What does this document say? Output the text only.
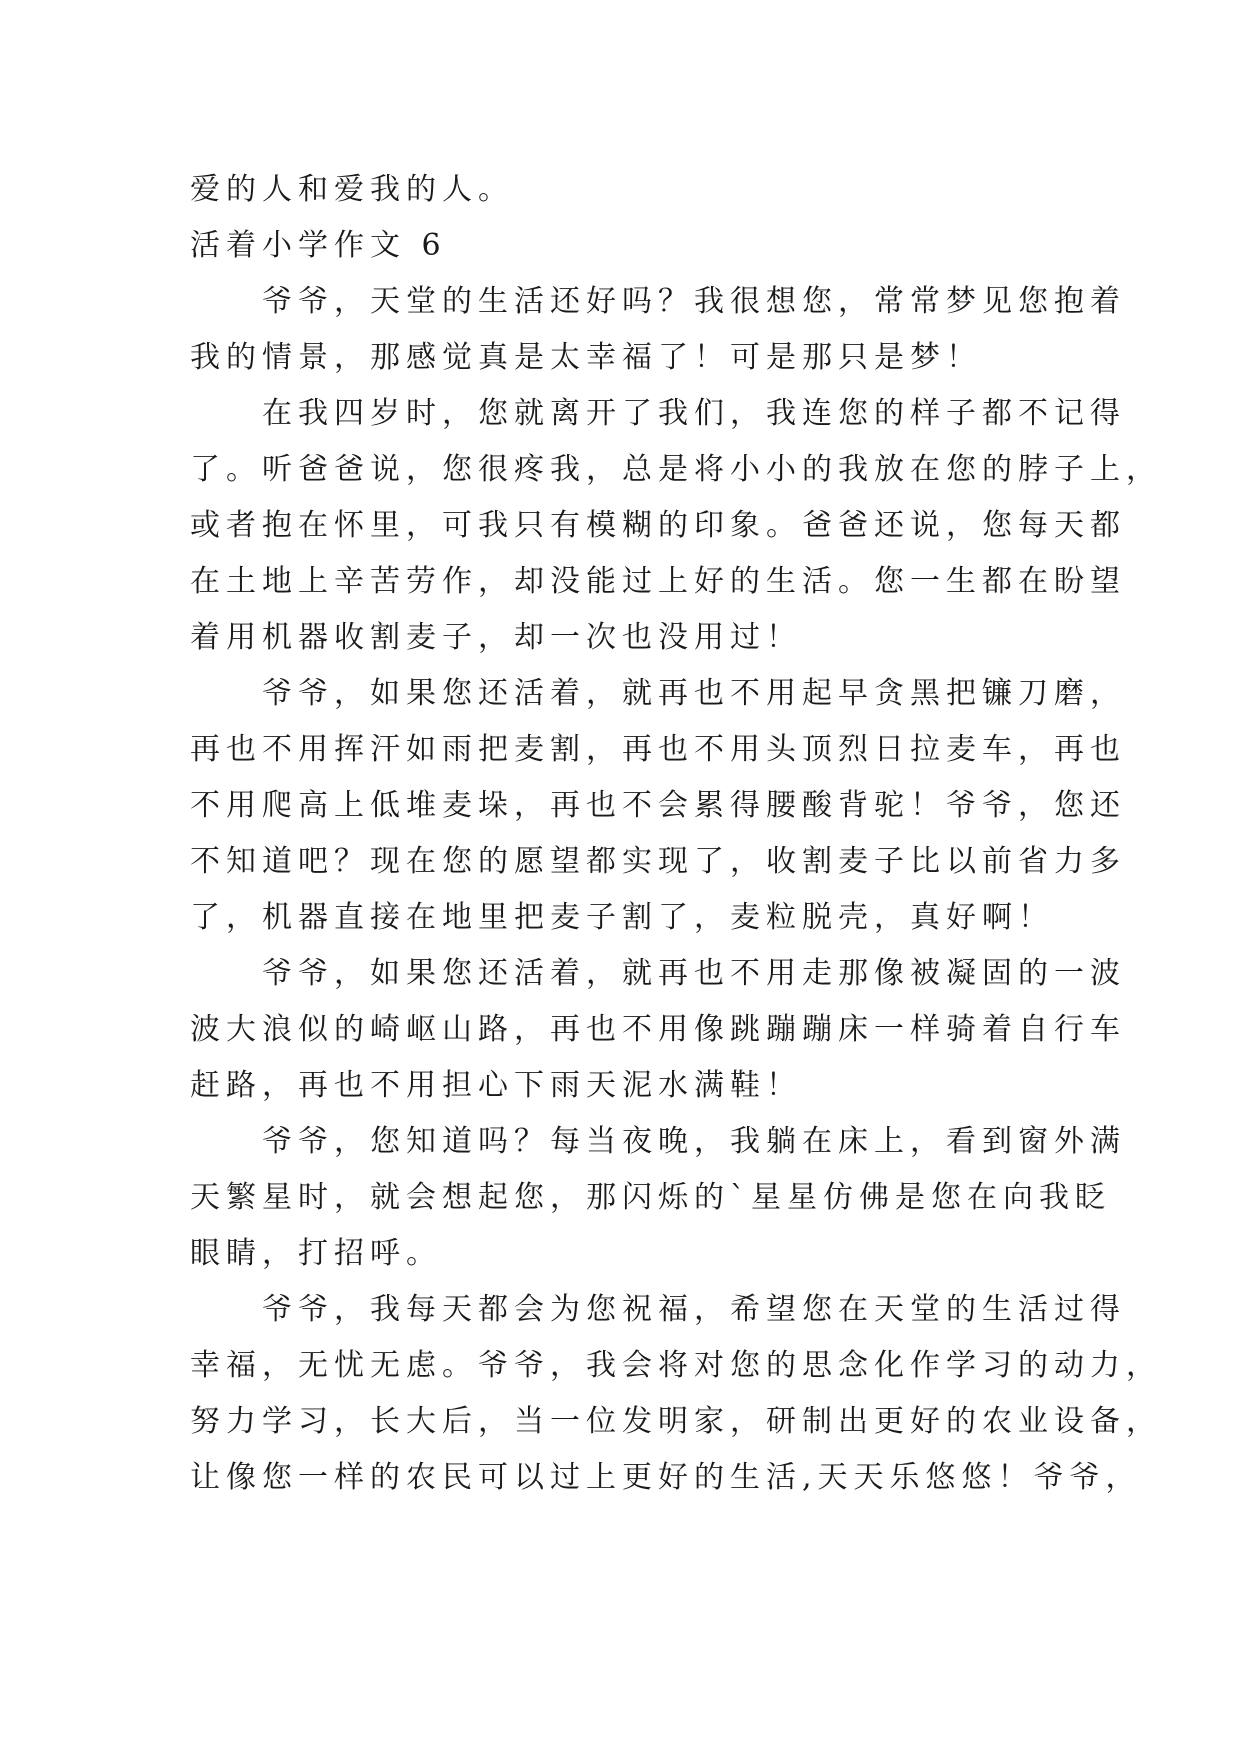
爱的人和爱我的人。

活着小学作文 6

　　爷爷，天堂的生活还好吗？我很想您，常常梦见您抱着

我的情景，那感觉真是太幸福了！可是那只是梦！

　　在我四岁时，您就离开了我们，我连您的样子都不记得

了。听爸爸说，您很疼我，总是将小小的我放在您的脖子上，

或者抱在怀里，可我只有模糊的印象。爸爸还说，您每天都

在土地上辛苦劳作，却没能过上好的生活。您一生都在盼望

着用机器收割麦子，却一次也没用过！

　　爷爷，如果您还活着，就再也不用起早贪黑把镰刀磨，

再也不用挥汗如雨把麦割，再也不用头顶烈日拉麦车，再也

不用爬高上低堆麦垛，再也不会累得腰酸背驼！爷爷，您还

不知道吧？现在您的愿望都实现了，收割麦子比以前省力多

了，机器直接在地里把麦子割了，麦粒脱壳，真好啊！

　　爷爷，如果您还活着，就再也不用走那像被凝固的一波

波大浪似的崎岖山路，再也不用像跳蹦蹦床一样骑着自行车

赶路，再也不用担心下雨天泥水满鞋！

　　爷爷，您知道吗？每当夜晚，我躺在床上，看到窗外满

天繁星时，就会想起您，那闪烁的`星星仿佛是您在向我眨

眼睛，打招呼。

　　爷爷，我每天都会为您祝福，希望您在天堂的生活过得

幸福，无忧无虑。爷爷，我会将对您的思念化作学习的动力，

努力学习，长大后，当一位发明家，研制出更好的农业设备，

让像您一样的农民可以过上更好的生活,天天乐悠悠！爷爷，
